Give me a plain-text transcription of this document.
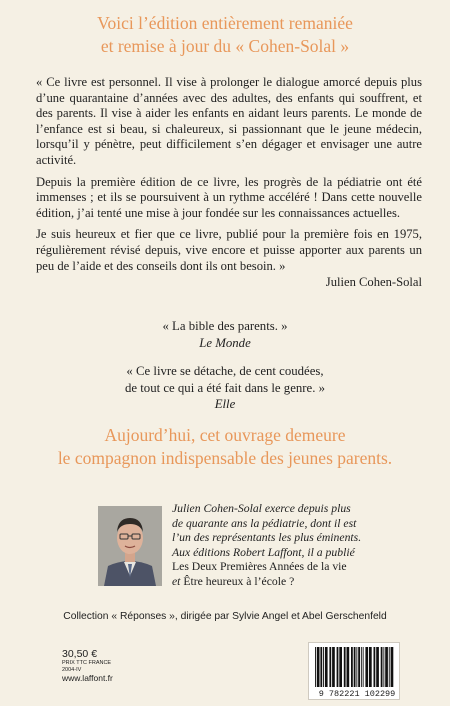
Voici l’édition entièrement remaniée
et remise à jour du « Cohen-Solal »

« Ce livre est personnel. Il vise à prolonger le dialogue amorcé depuis plus d’une quarantaine d’années avec des adultes, des enfants qui souffrent, et des parents. Il vise à aider les enfants en aidant leurs parents. Le monde de l’enfance est si beau, si chaleureux, si passionnant que le jeune médecin, lorsqu’il y pénètre, peut difficilement s’en dégager et envisager une autre activité.

Depuis la première édition de ce livre, les progrès de la pédiatrie ont été immenses ; et ils se poursuivent à un rythme accéléré ! Dans cette nouvelle édition, j’ai tenté une mise à jour fondée sur les connaissances actuelles.

Je suis heureux et fier que ce livre, publié pour la première fois en 1975, régulièrement révisé depuis, vive encore et puisse apporter aux parents un peu de l’aide et des conseils dont ils ont besoin. »

Julien Cohen-Solal
« La bible des parents. »
Le Monde
« Ce livre se détache, de cent coudées,
de tout ce qui a été fait dans le genre. »
Elle
Aujourd’hui, cet ouvrage demeure
le compagnon indispensable des jeunes parents.
Julien Cohen-Solal exerce depuis plus
de quarante ans la pédiatrie, dont il est
l’un des représentants les plus éminents.
Aux éditions Robert Laffont, il a publié
Les Deux Premières Années de la vie
et Être heureux à l’école ?
Collection « Réponses », dirigée par Sylvie Angel et Abel Gerschenfeld
30,50 €
PRIX TTC FRANCE
2004-IV
www.laffont.fr
9 782221 102299
